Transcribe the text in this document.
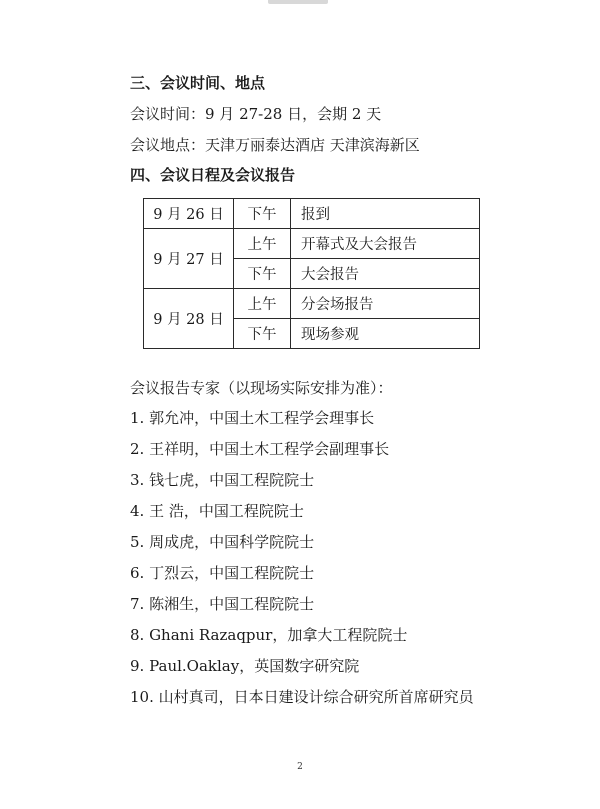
三、会议时间、地点
会议时间：9 月 27-28 日，会期 2 天
会议地点：天津万丽泰达酒店 天津滨海新区
四、会议日程及会议报告
9 月 26 日	下午	报到
9 月 27 日	上午	开幕式及大会报告
	下午	大会报告
9 月 28 日	上午	分会场报告
	下午	现场参观
会议报告专家（以现场实际安排为准）：
1. 郭允冲，中国土木工程学会理事长
2. 王祥明，中国土木工程学会副理事长
3. 钱七虎，中国工程院院士
4. 王 浩，中国工程院院士
5. 周成虎，中国科学院院士
6. 丁烈云，中国工程院院士
7. 陈湘生，中国工程院院士
8. Ghani Razaqpur，加拿大工程院院士
9. Paul.Oaklay，英国数字研究院
10. 山村真司，日本日建设计综合研究所首席研究员
2
